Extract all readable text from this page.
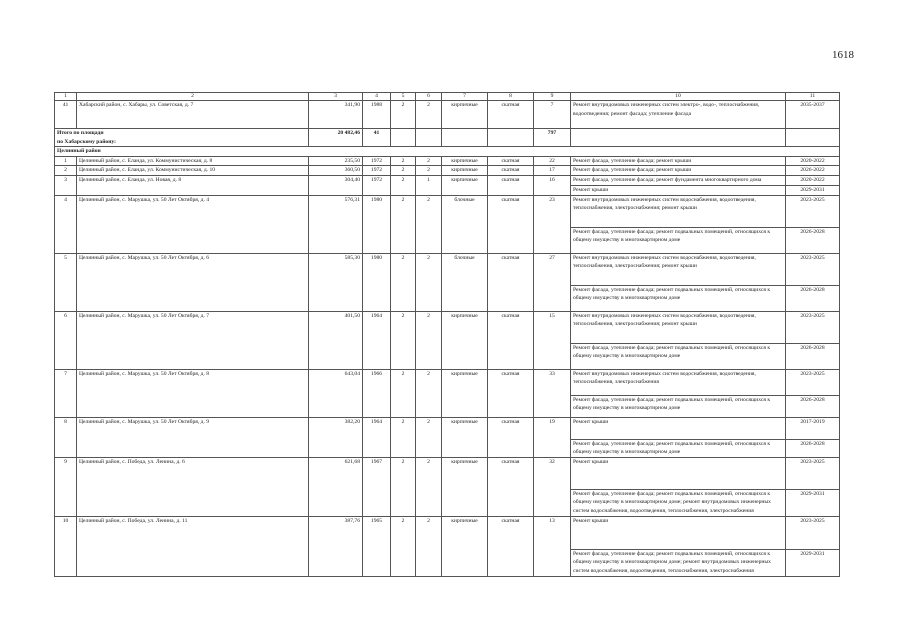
1618
1	2	3	4	5	6	7	8	9	10	11
41	Хабарский район, с. Хабары, ул. Советская, д. 7	341,90	1988	2	2	кирпичные	скатная	7	Ремонт внутридомовых инженерных систем электро-, водо-, теплоснабжения, водоотведения; ремонт фасада; утепление фасада	2035-2037

Итого по площади
по Хабарскому району:		20 482,46	41					797		
Целинный район										
1	Целинный район, с. Еланда, ул. Коммунистическая, д. 8	235,50	1972	2	2	кирпичные	скатная	22	Ремонт фасада, утепление фасада; ремонт крыши	2020-2022
2	Целинный район, с. Еланда, ул. Коммунистическая, д. 10	360,50	1972	2	2	кирпичные	скатная	17	Ремонт фасада, утепление фасада; ремонт крыши	2026-2022
3	Целинный район, с. Еланда, ул. Новая, д. 8	304,40	1972	2	1	кирпичные	скатная	16	Ремонт фасада, утепление фасада; ремонт фундамента многоквартирного дома	2020-2022
									Ремонт крыши	2029-2031
4	Целинный район, с. Марушка, ул. 50 Лет Октября, д. 4	576,31	1980	2	2	блочные	скатная	23	Ремонт внутридомовых инженерных систем водоснабжения, водоотведения, теплоснабжения, электроснабжения; ремонт крыши	2023-2025
									Ремонт фасада, утепление фасада; ремонт подвальных помещений, относящихся к общему имуществу в многоквартирном доме	2026-2028
5	Целинный район, с. Марушка, ул. 50 Лет Октября, д. 6	585,30	1980	2	2	блочные	скатная	27	Ремонт внутридомовых инженерных систем водоснабжения, водоотведения, теплоснабжения, электроснабжения; ремонт крыши	2023-2025
									Ремонт фасада, утепление фасада; ремонт подвальных помещений, относящихся к общему имуществу в многоквартирном доме	2026-2028
6	Целинный район, с. Марушка, ул. 50 Лет Октября, д. 7	401,50	1964	2	2	кирпичные	скатная	15	Ремонт внутридомовых инженерных систем водоснабжения, водоотведения, теплоснабжения, электроснабжения; ремонт крыши	2023-2025
									Ремонт фасада, утепление фасада; ремонт подвальных помещений, относящихся к общему имуществу в многоквартирном доме	2026-2028
7	Целинный район, с. Марушка, ул. 50 Лет Октября, д. 8	643,04	1966	2	2	кирпичные	скатная	33	Ремонт внутридомовых инженерных систем водоснабжения, водоотведения, теплоснабжения, электроснабжения	2023-2025
									Ремонт фасада, утепление фасада; ремонт подвальных помещений, относящихся к общему имуществу в многоквартирном доме	2026-2028
8	Целинный район, с. Марушка, ул. 50 Лет Октября, д. 9	382,20	1964	2	2	кирпичные	скатная	19	Ремонт крыши	2017-2019
									Ремонт фасада, утепление фасада; ремонт подвальных помещений, относящихся к общему имуществу в многоквартирном доме	2026-2028
9	Целинный район, с. Победа, ул. Ленина, д. 6	621,68	1967	2	2	кирпичные	скатная	32	Ремонт крыши	2023-2025
									Ремонт фасада, утепление фасада; ремонт подвальных помещений, относящихся к общему имуществу в многоквартирном доме; ремонт внутридомовых инженерных систем водоснабжения, водоотведения, теплоснабжения, электроснабжения	2029-2031
10	Целинный район, с. Победа, ул. Ленина, д. 11	387,76	1965	2	2	кирпичные	скатная	13	Ремонт крыши	2023-2025
									Ремонт фасада, утепление фасада; ремонт подвальных помещений, относящихся к общему имуществу в многоквартирном доме; ремонт внутридомовых инженерных систем водоснабжения, водоотведения, теплоснабжения, электроснабжения	2029-2031
